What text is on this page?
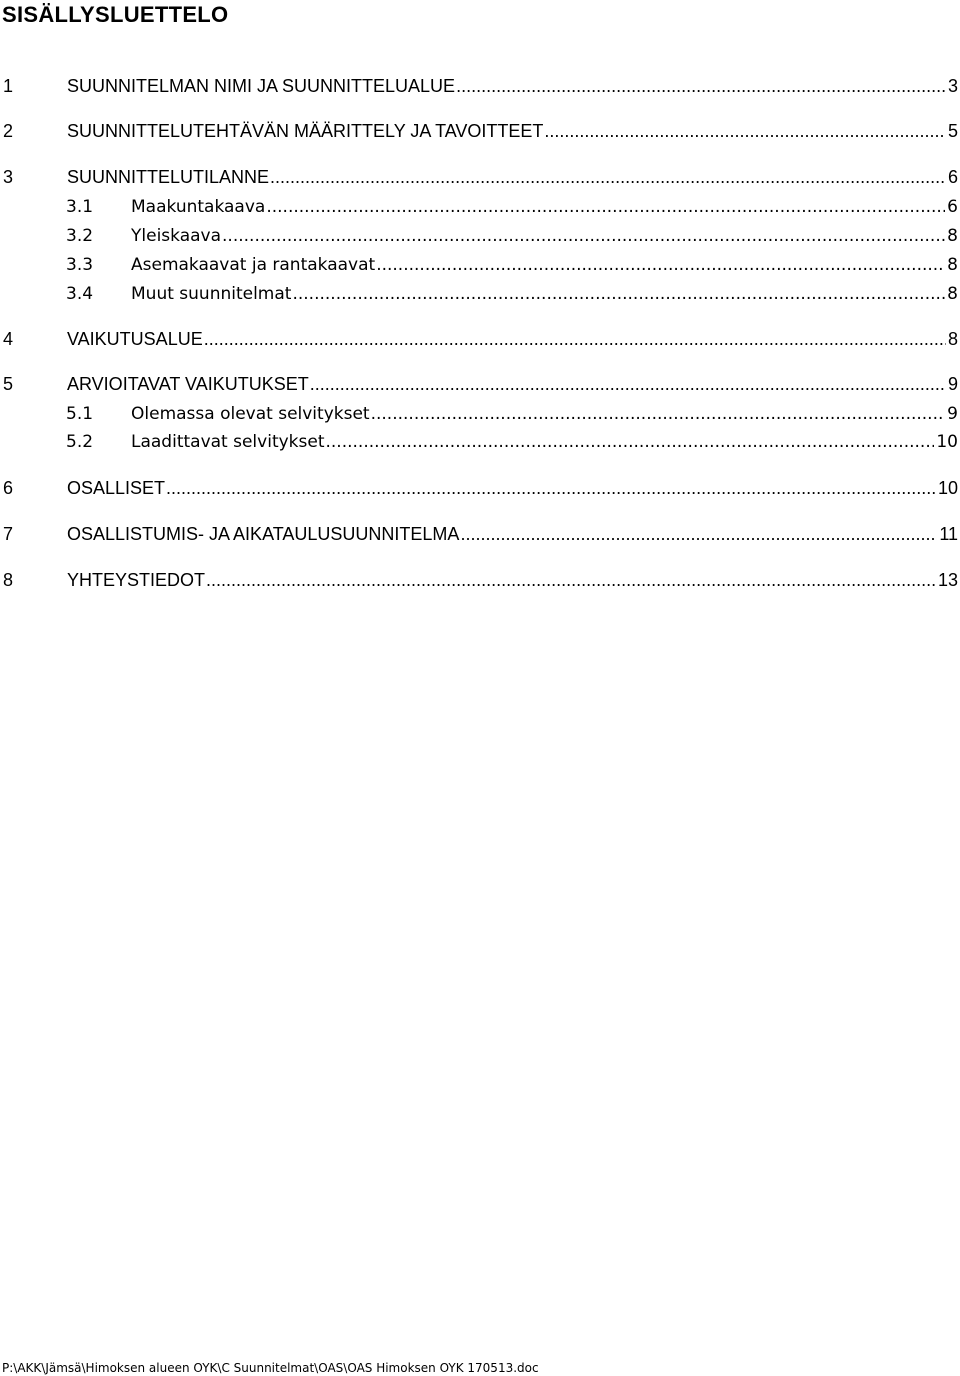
SISÄLLYSLUETTELO
1	SUUNNITELMAN NIMI JA SUUNNITTELUALUE .....	3
2	SUUNNITTELUTEHTÄVÄN MÄÄRITTELY JA TAVOITTEET .....	5
3	SUUNNITTELUTILANNE .....	6
3.1	Maakuntakaava .....	6
3.2	Yleiskaava .....	8
3.3	Asemakaavat ja rantakaavat .....	8
3.4	Muut suunnitelmat .....	8
4	VAIKUTUSALUE .....	8
5	ARVIOITAVAT VAIKUTUKSET .....	9
5.1	Olemassa olevat selvitykset .....	9
5.2	Laadittavat selvitykset .....	10
6	OSALLISET .....	10
7	OSALLISTUMIS- JA AIKATAULUSUUNNITELMA .....	11
8	YHTEYSTIEDOT .....	13
P:\AKK\Jämsä\Himoksen alueen OYK\C Suunnitelmat\OAS\OAS Himoksen OYK 170513.doc
